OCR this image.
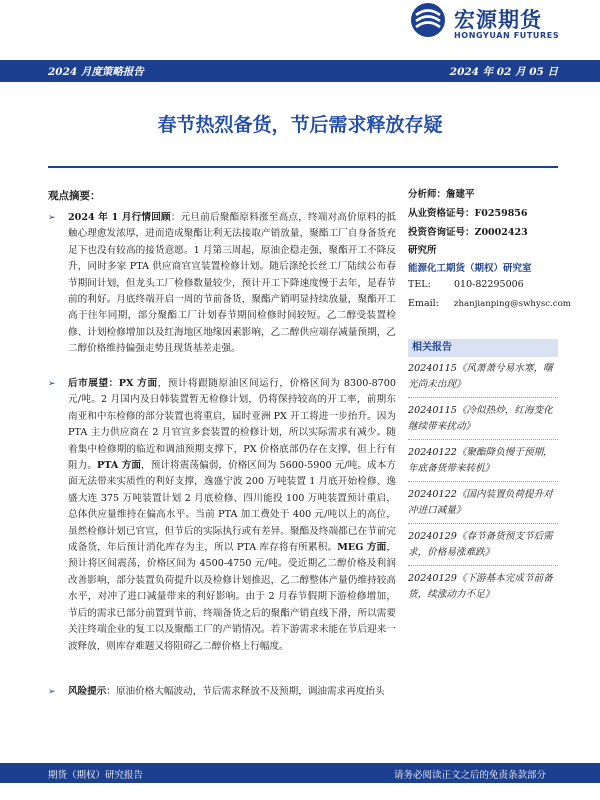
宏源期货
HONGYUAN FUTURES
2024 月度策略报告	2024 年 02 月 05 日
春节热烈备货，节后需求释放存疑
观点摘要：
➢ 2024 年 1 月行情回顾：元旦前后聚酯原料涨至高点，终端对高价原料的抵触心理愈发浓厚，进而造成聚酯让利无法接取产销放量，聚酯工厂自身备货充足下也没有较高的接货意愿。1 月第三周起，原油企稳走强，聚酯开工不降反升，同时多家 PTA 供应商官宣装置检修计划。随后涤纶长丝工厂陆续公布春节期间计划，但龙头工厂检修数量较少，预计开工下降速度慢于去年，是春节前的利好。月底终端开启一周的节前备货，聚酯产销明显持续放量，聚酯开工高于往年同期，部分聚酯工厂计划春节期间检修时间较短。乙二醇受装置检修、计划检修增加以及红海地区地缘因素影响，乙二醇供应端存减量预期，乙二醇价格维持偏强走势且现货基差走强。
➢ 后市展望：PX 方面，预计将跟随原油区间运行，价格区间为 8300-8700 元/吨。2 月国内及日韩装置暂无检修计划，仍将保持较高的开工率，前期东南亚和中东检修的部分装置也将重启，届时亚洲 PX 开工将进一步抬升。因为 PTA 主力供应商在 2 月官宣多套装置的检修计划，所以实际需求有减少。随着集中检修期的临近和调油预期支撑下，PX 价格底部仍存在支撑，但上行有阻力。PTA 方面，预计将震荡偏弱，价格区间为 5600-5900 元/吨。成本方面无法带来实质性的利好支撑，逸盛宁波 200 万吨装置 1 月底开始检修、逸盛大连 375 万吨装置计划 2 月底检修、四川能投 100 万吨装置预计重启，总体供应量维持在偏高水平。当前 PTA 加工费处于 400 元/吨以上的高位，虽然检修计划已官宣，但节后的实际执行或有差异。聚酯及终端都已在节前完成备货，年后预计消化库存为主，所以 PTA 库存将有所累积。MEG 方面，预计将区间震荡，价格区间为 4500-4750 元/吨。受近期乙二醇价格及利润改善影响，部分装置负荷提升以及检修计划推迟，乙二醇整体产量仍维持较高水平，对冲了进口减量带来的利好影响。由于 2 月春节假期下游检修增加，节后的需求已部分前置到节前，终端备货之后的聚酯产销直线下滑，所以需要关注终端企业的复工以及聚酯工厂的产销情况。若下游需求未能在节后迎来一波释放，则库存难题又将阻碍乙二醇价格上行幅度。
➢ 风险提示：原油价格大幅波动，节后需求释放不及预期，调油需求再度抬头
分析师：詹建平
从业资格证号：F0259856
投资咨询证号：Z0002423
研究所
能源化工期货（期权）研究室
TEL: 010-82295006
Email: zhanjianping@swhysc.com
相关报告
20240115《风萧萧兮易水寒，曙光尚未出现》
20240115《冷似热炒，红海变化继续带来扰动》
20240122《聚酯降负慢于预期，年底备货带来转机》
20240122《国内装置负荷提升对冲进口减量》
20240129《春节备货预支节后需求，价格易涨难跌》
20240129《下游基本完成节前备货，续涨动力不足》
期货（期权）研究报告	请务必阅读正文之后的免责条款部分
